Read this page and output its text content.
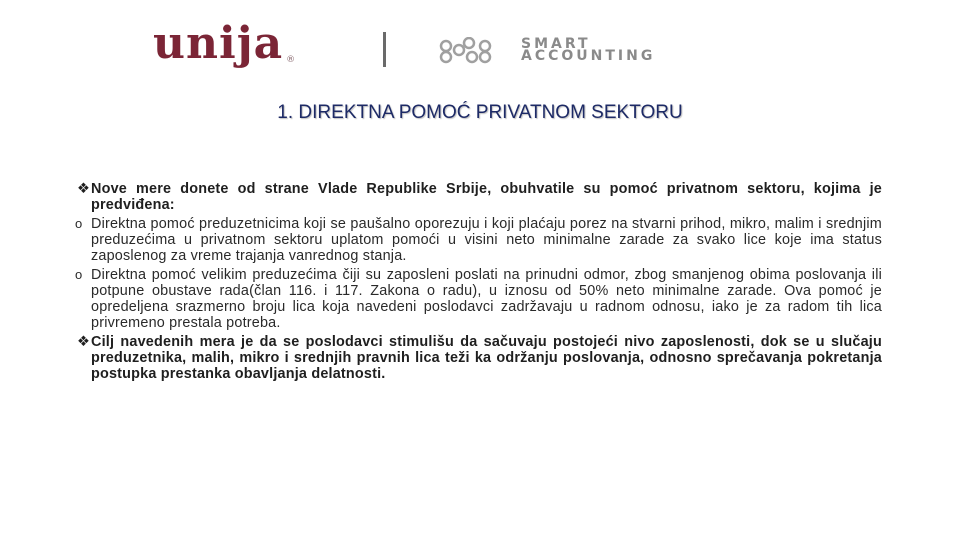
unija ®
SMART
ACCOUNTING
1. DIREKTNA POMOĆ PRIVATNOM SEKTORU
❖ Nove mere donete od strane Vlade Republike Srbije, obuhvatile su pomoć privatnom sektoru, kojima je predviđena:
o Direktna pomoć preduzetnicima koji se paušalno oporezuju i koji plaćaju porez na stvarni prihod, mikro, malim i srednjim preduzećima u privatnom sektoru uplatom pomoći u visini neto minimalne zarade za svako lice koje ima status zaposlenog za vreme trajanja vanrednog stanja.
o Direktna pomoć velikim preduzećima čiji su zaposleni poslati na prinudni odmor, zbog smanjenog obima poslovanja ili potpune obustave rada(član 116. i 117. Zakona o radu), u iznosu od 50% neto minimalne zarade. Ova pomoć je opredeljena srazmerno broju lica koja navedeni poslodavci zadržavaju u radnom odnosu, iako je za radom tih lica privremeno prestala potreba.
❖ Cilj navedenih mera je da se poslodavci stimulišu da sačuvaju postojeći nivo zaposlenosti, dok se u slučaju preduzetnika, malih, mikro i srednjih pravnih lica teži ka održanju poslovanja, odnosno sprečavanja pokretanja postupka prestanka obavljanja delatnosti.
